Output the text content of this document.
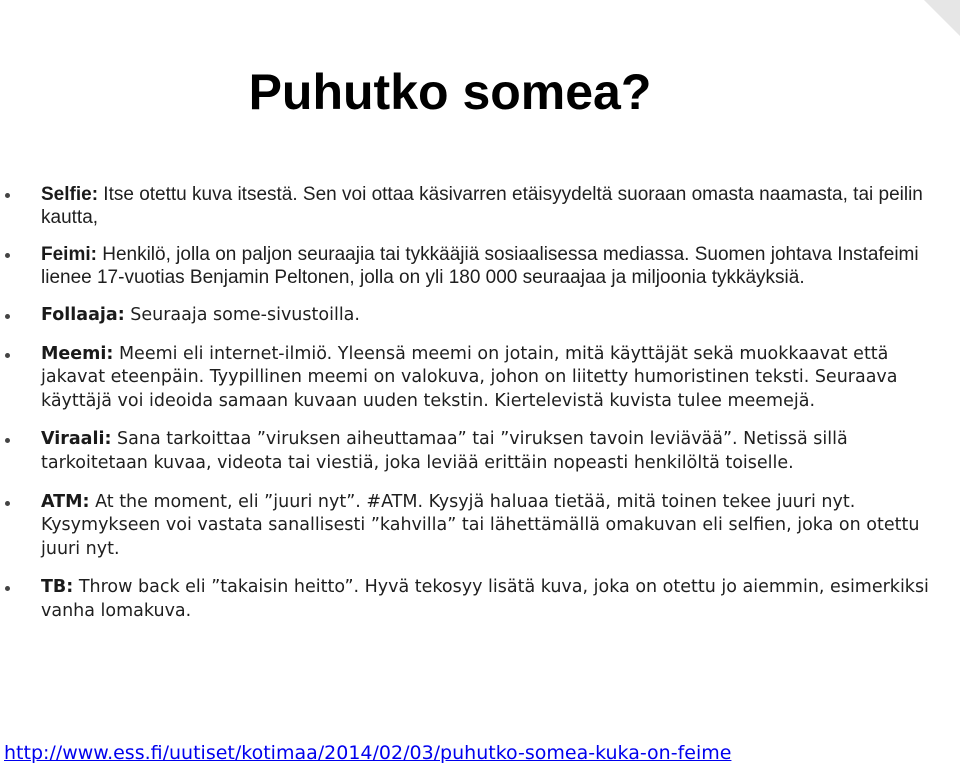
Puhutko somea?
Selfie: Itse otettu kuva itsestä. Sen voi ottaa käsivarren etäisyydeltä suoraan omasta naamasta, tai peilin kautta,
Feimi: Henkilö, jolla on paljon seuraajia tai tykkääjiä sosiaalisessa mediassa. Suomen johtava Instafeimi lienee 17-vuotias Benjamin Peltonen, jolla on yli 180 000 seuraajaa ja miljoonia tykkäyksiä.
Follaaja: Seuraaja some-sivustoilla.
Meemi: Meemi eli internet-ilmiö. Yleensä meemi on jotain, mitä käyttäjät sekä muokkaavat että jakavat eteenpäin. Tyypillinen meemi on valokuva, johon on liitetty humoristinen teksti. Seuraava käyttäjä voi ideoida samaan kuvaan uuden tekstin. Kiertelevistä kuvista tulee meemejä.
Viraali: Sana tarkoittaa ”viruksen aiheuttamaa” tai ”viruksen tavoin leviävää”. Netissä sillä tarkoitetaan kuvaa, videota tai viestiä, joka leviää erittäin nopeasti henkilöltä toiselle.
ATM: At the moment, eli ”juuri nyt”. #ATM. Kysyjä haluaa tietää, mitä toinen tekee juuri nyt. Kysymykseen voi vastata sanallisesti ”kahvilla” tai lähettämällä omakuvan eli selfien, joka on otettu juuri nyt.
TB: Throw back eli ”takaisin heitto”. Hyvä tekosyy lisätä kuva, joka on otettu jo aiemmin, esimerkiksi vanha lomakuva.
http://www.ess.fi/uutiset/kotimaa/2014/02/03/puhutko-somea-kuka-on-feime
